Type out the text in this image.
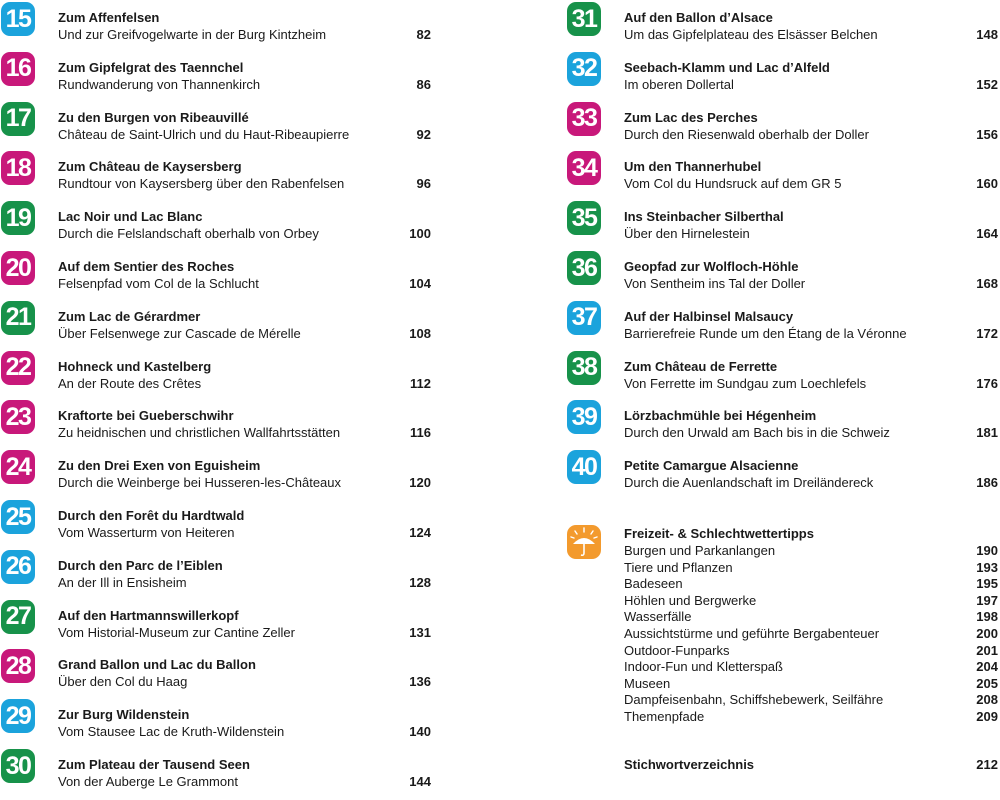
15	Zum Affenfelsen
Und zur Greifvogelwarte in der Burg Kintzheim	82
16	Zum Gipfelgrat des Taennchel
Rundwanderung von Thannenkirch	86
17	Zu den Burgen von Ribeauvillé
Château de Saint-Ulrich und du Haut-Ribeaupierre	92
18	Zum Château de Kaysersberg
Rundtour von Kaysersberg über den Rabenfelsen	96
19	Lac Noir und Lac Blanc
Durch die Felslandschaft oberhalb von Orbey	100
20	Auf dem Sentier des Roches
Felsenpfad vom Col de la Schlucht	104
21	Zum Lac de Gérardmer
Über Felsenwege zur Cascade de Mérelle	108
22	Hohneck und Kastelberg
An der Route des Crêtes	112
23	Kraftorte bei Gueberschwihr
Zu heidnischen und christlichen Wallfahrtsstätten	116
24	Zu den Drei Exen von Eguisheim
Durch die Weinberge bei Husseren-les-Châteaux	120
25	Durch den Forêt du Hardtwald
Vom Wasserturm von Heiteren	124
26	Durch den Parc de l’Eiblen
An der Ill in Ensisheim	128
27	Auf den Hartmannswillerkopf
Vom Historial-Museum zur Cantine Zeller	131
28	Grand Ballon und Lac du Ballon
Über den Col du Haag	136
29	Zur Burg Wildenstein
Vom Stausee Lac de Kruth-Wildenstein	140
30	Zum Plateau der Tausend Seen
Von der Auberge Le Grammont	144
Freizeit- & Schlechtwettertipps
Burgen und Parkanlangen	190
Tiere und Pflanzen	193
Badeseen	195
Höhlen und Bergwerke	197
Wasserfälle	198
Aussichtstürme und geführte Bergabenteuer	200
Outdoor-Funparks	201
Indoor-Fun und Kletterspaß	204
Museen	205
Dampfeisenbahn, Schiffshebewerk, Seilfähre	208
Themenpfade	209
Stichwortverzeichnis	212
31	Auf den Ballon d’Alsace
Um das Gipfelplateau des Elsässer Belchen	148
32	Seebach-Klamm und Lac d’Alfeld
Im oberen Dollertal	152
33	Zum Lac des Perches
Durch den Riesenwald oberhalb der Doller	156
34	Um den Thannerhubel
Vom Col du Hundsruck auf dem GR 5	160
35	Ins Steinbacher Silberthal
Über den Hirnelestein	164
36	Geopfad zur Wolfloch-Höhle
Von Sentheim ins Tal der Doller	168
37	Auf der Halbinsel Malsaucy
Barrierefreie Runde um den Étang de la Véronne	172
38	Zum Château de Ferrette
Von Ferrette im Sundgau zum Loechlefels	176
39	Lörzbachmühle bei Hégenheim
Durch den Urwald am Bach bis in die Schweiz	181
40	Petite Camargue Alsacienne
Durch die Auenlandschaft im Dreiländereck	186
